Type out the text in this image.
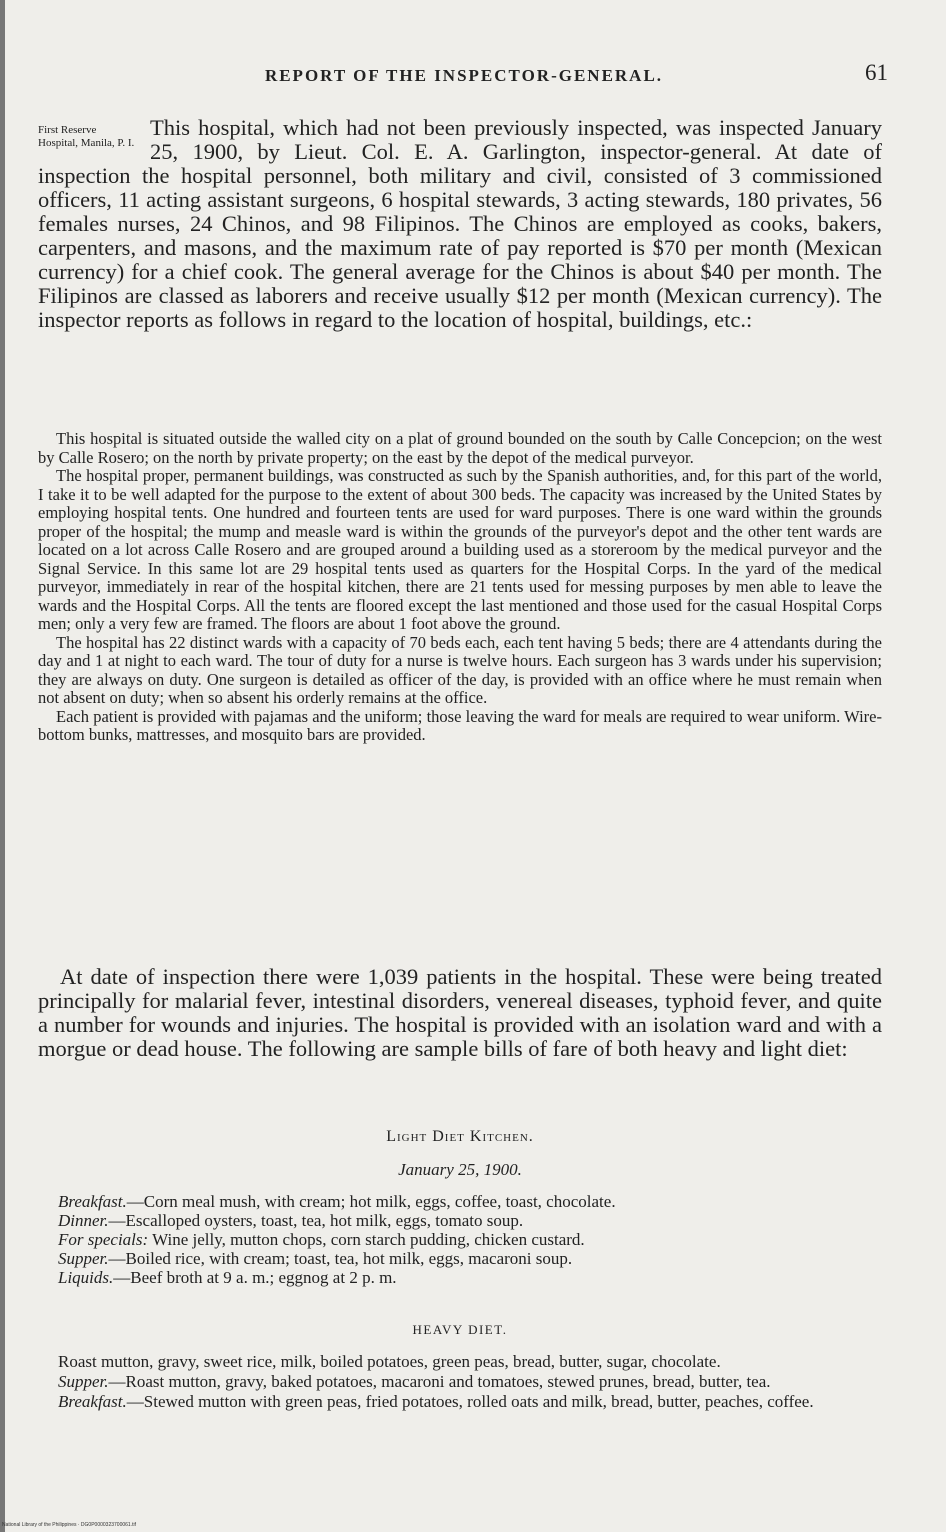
REPORT OF THE INSPECTOR-GENERAL.	61
First Reserve Hospital, Manila, P. I.

This hospital, which had not been previously inspected, was inspected January 25, 1900, by Lieut. Col. E. A. Garlington, inspector-general. At date of inspection the hospital personnel, both military and civil, consisted of 3 commissioned officers, 11 acting assistant surgeons, 6 hospital stewards, 3 acting stewards, 180 privates, 56 females nurses, 24 Chinos, and 98 Filipinos. The Chinos are employed as cooks, bakers, carpenters, and masons, and the maximum rate of pay reported is $70 per month (Mexican currency) for a chief cook. The general average for the Chinos is about $40 per month. The Filipinos are classed as laborers and receive usually $12 per month (Mexican currency). The inspector reports as follows in regard to the location of hospital, buildings, etc.:

This hospital is situated outside the walled city on a plat of ground bounded on the south by Calle Concepcion; on the west by Calle Rosero; on the north by private property; on the east by the depot of the medical purveyor.

The hospital proper, permanent buildings, was constructed as such by the Spanish authorities, and, for this part of the world, I take it to be well adapted for the purpose to the extent of about 300 beds. The capacity was increased by the United States by employing hospital tents. One hundred and fourteen tents are used for ward purposes. There is one ward within the grounds proper of the hospital; the mump and measle ward is within the grounds of the purveyor's depot and the other tent wards are located on a lot across Calle Rosero and are grouped around a building used as a storeroom by the medical purveyor and the Signal Service. In this same lot are 29 hospital tents used as quarters for the Hospital Corps. In the yard of the medical purveyor, immediately in rear of the hospital kitchen, there are 21 tents used for messing purposes by men able to leave the wards and the Hospital Corps. All the tents are floored except the last mentioned and those used for the casual Hospital Corps men; only a very few are framed. The floors are about 1 foot above the ground.

The hospital has 22 distinct wards with a capacity of 70 beds each, each tent having 5 beds; there are 4 attendants during the day and 1 at night to each ward. The tour of duty for a nurse is twelve hours. Each surgeon has 3 wards under his supervision; they are always on duty. One surgeon is detailed as officer of the day, is provided with an office where he must remain when not absent on duty; when so absent his orderly remains at the office.

Each patient is provided with pajamas and the uniform; those leaving the ward for meals are required to wear uniform. Wire-bottom bunks, mattresses, and mosquito bars are provided.

At date of inspection there were 1,039 patients in the hospital. These were being treated principally for malarial fever, intestinal disorders, venereal diseases, typhoid fever, and quite a number for wounds and injuries. The hospital is provided with an isolation ward and with a morgue or dead house. The following are sample bills of fare of both heavy and light diet:

Light Diet Kitchen.
January 25, 1900.

Breakfast.—Corn meal mush, with cream; hot milk, eggs, coffee, toast, chocolate.

Dinner.—Escalloped oysters, toast, tea, hot milk, eggs, tomato soup.

For specials: Wine jelly, mutton chops, corn starch pudding, chicken custard.

Supper.—Boiled rice, with cream; toast, tea, hot milk, eggs, macaroni soup.

Liquids.—Beef broth at 9 a. m.; eggnog at 2 p. m.

HEAVY DIET.

Roast mutton, gravy, sweet rice, milk, boiled potatoes, green peas, bread, butter, sugar, chocolate.

Supper.—Roast mutton, gravy, baked potatoes, macaroni and tomatoes, stewed prunes, bread, butter, tea.

Breakfast.—Stewed mutton with green peas, fried potatoes, rolled oats and milk, bread, butter, peaches, coffee.

National Library of the Philippines · DG0P0000323700061.tif
